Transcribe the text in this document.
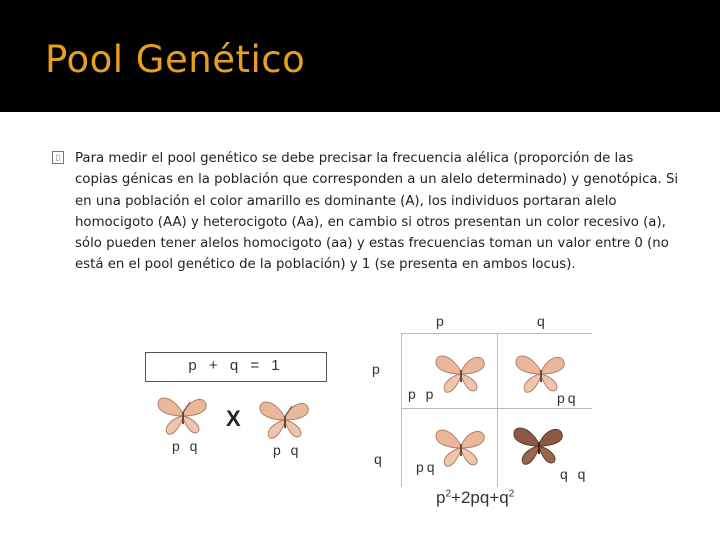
Pool Genético
▯ Para medir el pool genético se debe precisar la frecuencia alélica (proporción de las copias génicas en la población que corresponden a un alelo determinado) y genotópica. Si en una población el color amarillo es dominante (A), los individuos portaran alelo homocigoto (AA) y heterocigoto (Aa), en cambio si otros presentan un color recesivo (a), sólo pueden tener alelos homocigoto (aa) y estas frecuencias toman un valor entre 0 (no está en el pool genético de la población) y 1 (se presenta en ambos locus).
p + q = 1
p q
X
p q
p	q
p
q
p p	pq
pq	q q
$p^2+2pq+q^2$
